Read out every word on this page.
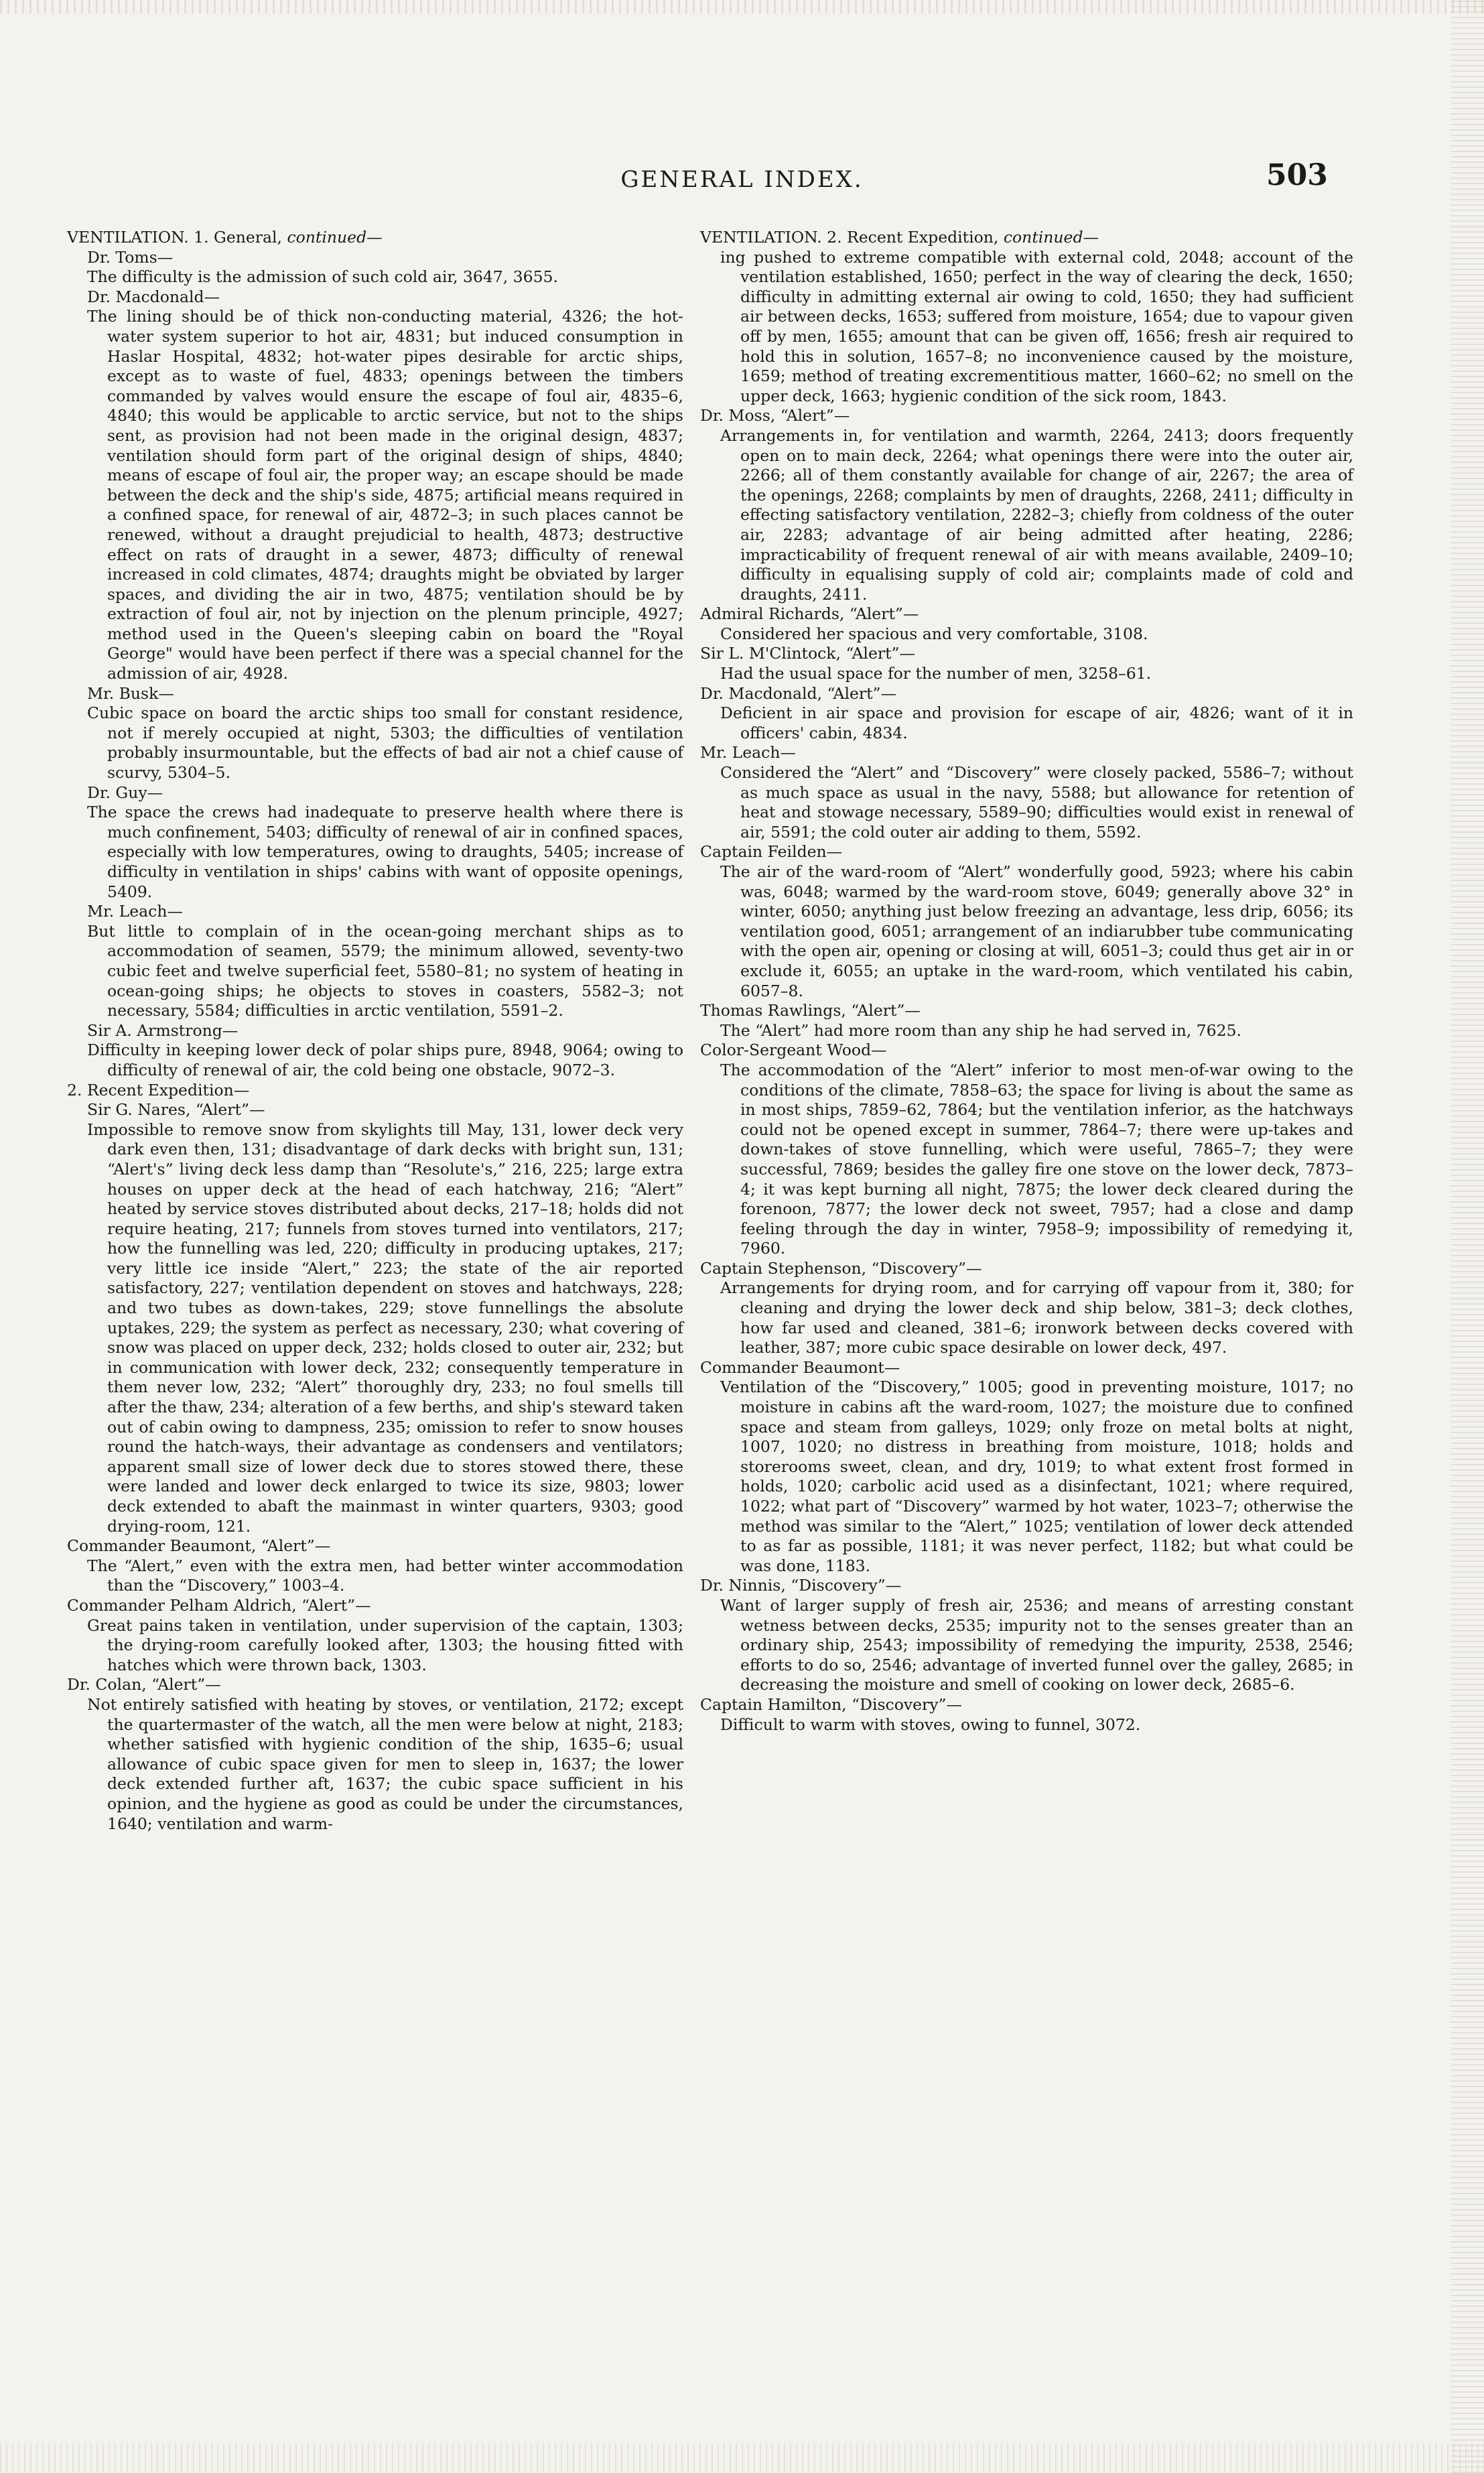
GENERAL INDEX.	503

VENTILATION. 1. General, continued—

Dr. Toms—

The difficulty is the admission of such cold air, 3647, 3655.

Dr. Macdonald—

The lining should be of thick non-conducting material, 4326; the hot-water system superior to hot air, 4831; but induced consumption in Haslar Hospital, 4832; hot-water pipes desirable for arctic ships, except as to waste of fuel, 4833; openings between the timbers commanded by valves would ensure the escape of foul air, 4835–6, 4840; this would be applicable to arctic service, but not to the ships sent, as provision had not been made in the original design, 4837; ventilation should form part of the original design of ships, 4840; means of escape of foul air, the proper way; an escape should be made between the deck and the ship's side, 4875; artificial means required in a confined space, for renewal of air, 4872–3; in such places cannot be renewed, without a draught prejudicial to health, 4873; destructive effect on rats of draught in a sewer, 4873; difficulty of renewal increased in cold climates, 4874; draughts might be obviated by larger spaces, and dividing the air in two, 4875; ventilation should be by extraction of foul air, not by injection on the plenum principle, 4927; method used in the Queen's sleeping cabin on board the "Royal George" would have been perfect if there was a special channel for the admission of air, 4928.

Mr. Busk—

Cubic space on board the arctic ships too small for constant residence, not if merely occupied at night, 5303; the difficulties of ventilation probably insurmountable, but the effects of bad air not a chief cause of scurvy, 5304–5.

Dr. Guy—

The space the crews had inadequate to preserve health where there is much confinement, 5403; difficulty of renewal of air in confined spaces, especially with low temperatures, owing to draughts, 5405; increase of difficulty in ventilation in ships' cabins with want of opposite openings, 5409.

Mr. Leach—

But little to complain of in the ocean-going merchant ships as to accommodation of seamen, 5579; the minimum allowed, seventy-two cubic feet and twelve superficial feet, 5580–81; no system of heating in ocean-going ships; he objects to stoves in coasters, 5582–3; not necessary, 5584; difficulties in arctic ventilation, 5591–2.

Sir A. Armstrong—

Difficulty in keeping lower deck of polar ships pure, 8948, 9064; owing to difficulty of renewal of air, the cold being one obstacle, 9072–3.

2. Recent Expedition—

Sir G. Nares, “Alert”—

Impossible to remove snow from skylights till May, 131, lower deck very dark even then, 131; disadvantage of dark decks with bright sun, 131; “Alert's” living deck less damp than “Resolute's,” 216, 225; large extra houses on upper deck at the head of each hatchway, 216; “Alert” heated by service stoves distributed about decks, 217–18; holds did not require heating, 217; funnels from stoves turned into ventilators, 217; how the funnelling was led, 220; difficulty in producing uptakes, 217; very little ice inside “Alert,” 223; the state of the air reported satisfactory, 227; ventilation dependent on stoves and hatchways, 228; and two tubes as down-takes, 229; stove funnellings the absolute uptakes, 229; the system as perfect as necessary, 230; what covering of snow was placed on upper deck, 232; holds closed to outer air, 232; but in communication with lower deck, 232; consequently temperature in them never low, 232; “Alert” thoroughly dry, 233; no foul smells till after the thaw, 234; alteration of a few berths, and ship's steward taken out of cabin owing to dampness, 235; omission to refer to snow houses round the hatch-ways, their advantage as condensers and ventilators; apparent small size of lower deck due to stores stowed there, these were landed and lower deck enlarged to twice its size, 9803; lower deck extended to abaft the mainmast in winter quarters, 9303; good drying-room, 121.

Commander Beaumont, “Alert”—

The “Alert,” even with the extra men, had better winter accommodation than the “Discovery,” 1003–4.

Commander Pelham Aldrich, “Alert”—

Great pains taken in ventilation, under supervision of the captain, 1303; the drying-room carefully looked after, 1303; the housing fitted with hatches which were thrown back, 1303.

Dr. Colan, “Alert”—

Not entirely satisfied with heating by stoves, or ventilation, 2172; except the quartermaster of the watch, all the men were below at night, 2183; whether satisfied with hygienic condition of the ship, 1635–6; usual allowance of cubic space given for men to sleep in, 1637; the lower deck extended further aft, 1637; the cubic space sufficient in his opinion, and the hygiene as good as could be under the circumstances, 1640; ventilation and warm-

VENTILATION. 2. Recent Expedition, continued—

ing pushed to extreme compatible with external cold, 2048; account of the ventilation established, 1650; perfect in the way of clearing the deck, 1650; difficulty in admitting external air owing to cold, 1650; they had sufficient air between decks, 1653; suffered from moisture, 1654; due to vapour given off by men, 1655; amount that can be given off, 1656; fresh air required to hold this in solution, 1657–8; no inconvenience caused by the moisture, 1659; method of treating excrementitious matter, 1660–62; no smell on the upper deck, 1663; hygienic condition of the sick room, 1843.

Dr. Moss, “Alert”—

Arrangements in, for ventilation and warmth, 2264, 2413; doors frequently open on to main deck, 2264; what openings there were into the outer air, 2266; all of them constantly available for change of air, 2267; the area of the openings, 2268; complaints by men of draughts, 2268, 2411; difficulty in effecting satisfactory ventilation, 2282–3; chiefly from coldness of the outer air, 2283; advantage of air being admitted after heating, 2286; impracticability of frequent renewal of air with means available, 2409–10; difficulty in equalising supply of cold air; complaints made of cold and draughts, 2411.

Admiral Richards, “Alert”—

Considered her spacious and very comfortable, 3108.

Sir L. M'Clintock, “Alert”—

Had the usual space for the number of men, 3258–61.

Dr. Macdonald, “Alert”—

Deficient in air space and provision for escape of air, 4826; want of it in officers' cabin, 4834.

Mr. Leach—

Considered the “Alert” and “Discovery” were closely packed, 5586–7; without as much space as usual in the navy, 5588; but allowance for retention of heat and stowage necessary, 5589–90; difficulties would exist in renewal of air, 5591; the cold outer air adding to them, 5592.

Captain Feilden—

The air of the ward-room of “Alert” wonderfully good, 5923; where his cabin was, 6048; warmed by the ward-room stove, 6049; generally above 32° in winter, 6050; anything just below freezing an advantage, less drip, 6056; its ventilation good, 6051; arrangement of an indiarubber tube communicating with the open air, opening or closing at will, 6051–3; could thus get air in or exclude it, 6055; an uptake in the ward-room, which ventilated his cabin, 6057–8.

Thomas Rawlings, “Alert”—

The “Alert” had more room than any ship he had served in, 7625.

Color-Sergeant Wood—

The accommodation of the “Alert” inferior to most men-of-war owing to the conditions of the climate, 7858–63; the space for living is about the same as in most ships, 7859–62, 7864; but the ventilation inferior, as the hatchways could not be opened except in summer, 7864–7; there were up-takes and down-takes of stove funnelling, which were useful, 7865–7; they were successful, 7869; besides the galley fire one stove on the lower deck, 7873–4; it was kept burning all night, 7875; the lower deck cleared during the forenoon, 7877; the lower deck not sweet, 7957; had a close and damp feeling through the day in winter, 7958–9; impossibility of remedying it, 7960.

Captain Stephenson, “Discovery”—

Arrangements for drying room, and for carrying off vapour from it, 380; for cleaning and drying the lower deck and ship below, 381–3; deck clothes, how far used and cleaned, 381–6; ironwork between decks covered with leather, 387; more cubic space desirable on lower deck, 497.

Commander Beaumont—

Ventilation of the “Discovery,” 1005; good in preventing moisture, 1017; no moisture in cabins aft the ward-room, 1027; the moisture due to confined space and steam from galleys, 1029; only froze on metal bolts at night, 1007, 1020; no distress in breathing from moisture, 1018; holds and storerooms sweet, clean, and dry, 1019; to what extent frost formed in holds, 1020; carbolic acid used as a disinfectant, 1021; where required, 1022; what part of “Discovery” warmed by hot water, 1023–7; otherwise the method was similar to the “Alert,” 1025; ventilation of lower deck attended to as far as possible, 1181; it was never perfect, 1182; but what could be was done, 1183.

Dr. Ninnis, “Discovery”—

Want of larger supply of fresh air, 2536; and means of arresting constant wetness between decks, 2535; impurity not to the senses greater than an ordinary ship, 2543; impossibility of remedying the impurity, 2538, 2546; efforts to do so, 2546; advantage of inverted funnel over the galley, 2685; in decreasing the moisture and smell of cooking on lower deck, 2685–6.

Captain Hamilton, “Discovery”—

Difficult to warm with stoves, owing to funnel, 3072.
